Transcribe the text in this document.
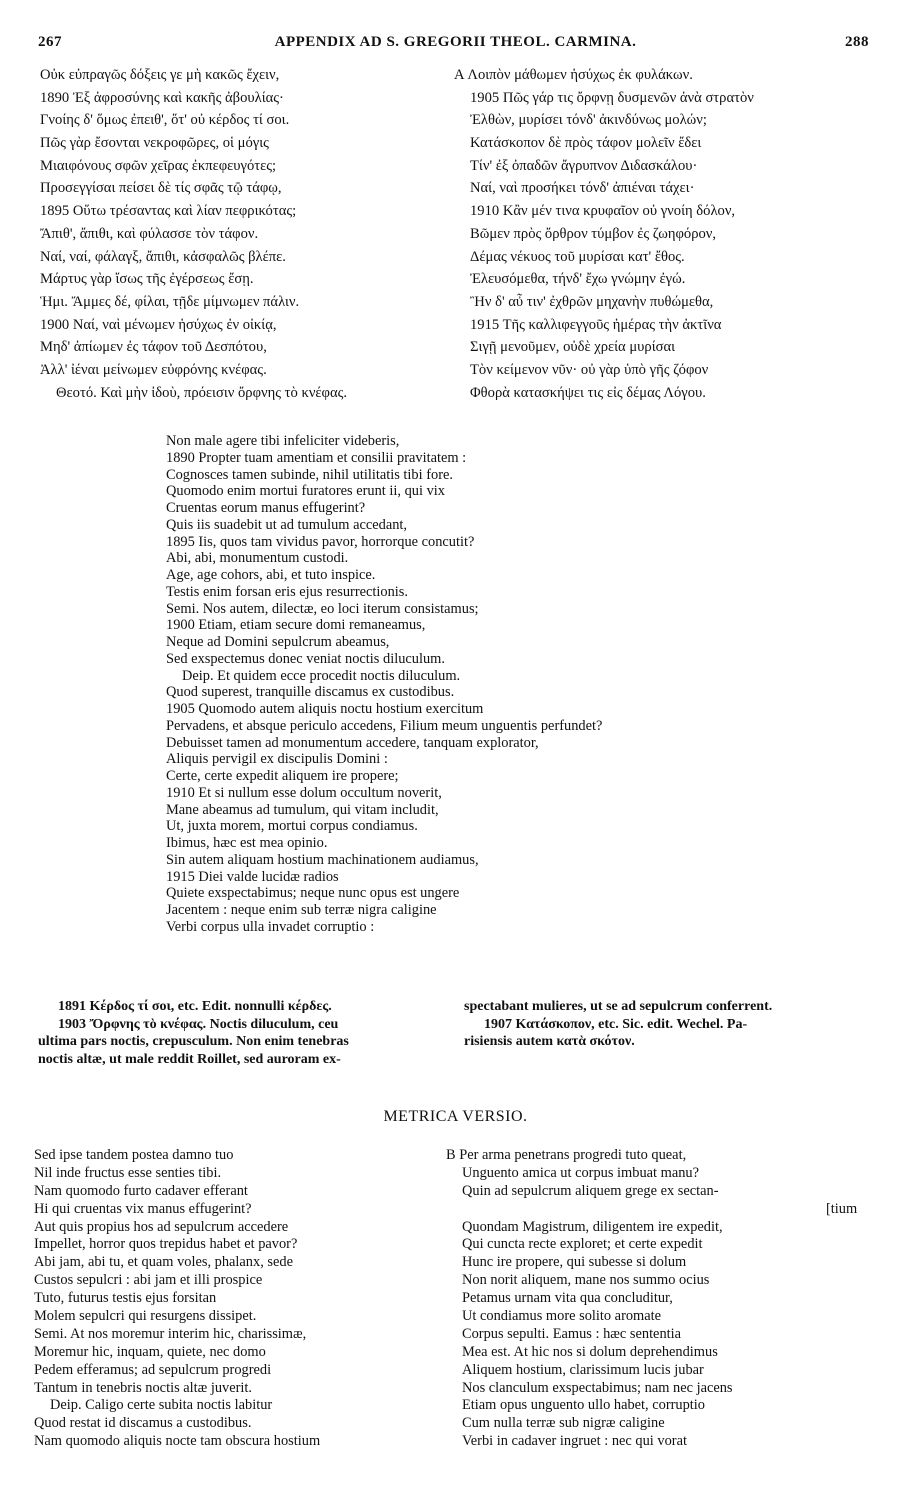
267	APPENDIX AD S. GREGORII THEOL. CARMINA.	288
Οὐκ εὐπραγῶς δόξεις γε μὴ κακῶς ἔχειν,
1890 Ἐξ ἀφροσύνης καὶ κακῆς ἀβουλίας·
Γνοίης δ' ὅμως ἐπειθ', ὅτ' οὐ κέρδος τί σοι.
Πῶς γὰρ ἔσονται νεκροφῶρες, οἱ μόγις
Μιαιφόνους σφῶν χεῖρας ἐκπεφευγότες;
Προσεγγίσαι πείσει δὲ τίς σφᾶς τῷ τάφῳ,
1895 Οὕτω τρέσαντας καὶ λίαν πεφρικότας;
Ἄπιθ', ἄπιθι, καὶ φύλασσε τὸν τάφον.
Ναί, ναί, φάλαγξ, ἄπιθι, κἀσφαλῶς βλέπε.
Μάρτυς γὰρ ἴσως τῆς ἐγέρσεως ἔσῃ.
Ἡμι. Ἄμμες δέ, φίλαι, τῇδε μίμνωμεν πάλιν.
1900 Ναί, ναὶ μένωμεν ἡσύχως ἐν οἰκίᾳ,
Μηδ' ἀπίωμεν ἐς τάφον τοῦ Δεσπότου,
Ἀλλ' ἰέναι μείνωμεν εὐφρόνης κνέφας.
Θεοτό. Καὶ μὴν ἰδοὺ, πρόεισιν ὄρφνης τὸ κνέφας.
A Λοιπὸν μάθωμεν ἡσύχως ἐκ φυλάκων.
1905 Πῶς γάρ τις ὄρφνῃ δυσμενῶν ἀνὰ στρατὸν
Ἐλθὼν, μυρίσει τόνδ' ἀκινδύνως μολών;
Κατάσκοπον δὲ πρὸς τάφον μολεῖν ἔδει
Τίν' ἐξ ὀπαδῶν ἄγρυπνον Διδασκάλου·
Ναί, ναὶ προσήκει τόνδ' ἀπιέναι τάχει·
1910 Κἂν μέν τινα κρυφαῖον οὐ γνοίη δόλον,
Βῶμεν πρὸς ὄρθρον τύμβον ἐς ζωηφόρον,
Δέμας νέκυος τοῦ μυρίσαι κατ' ἔθος.
Ἐλευσόμεθα, τήνδ' ἔχω γνώμην ἐγώ.
Ἢν δ' αὖ τιν' ἐχθρῶν μηχανὴν πυθώμεθα,
1915 Τῆς καλλιφεγγοῦς ἡμέρας τὴν ἀκτῖνα
Σιγῇ μενοῦμεν, οὐδὲ χρεία μυρίσαι
Τὸν κείμενον νῦν· οὐ γὰρ ὑπὸ γῆς ζόφον
Φθορὰ κατασκήψει τις εἰς δέμας Λόγου.
Non male agere tibi infeliciter videberis,
1890 Propter tuam amentiam et consilii pravitatem :
Cognosces tamen subinde, nihil utilitatis tibi fore.
Quomodo enim mortui furatores erunt ii, qui vix
Cruentas eorum manus effugerint?
Quis iis suadebit ut ad tumulum accedant,
1895 Iis, quos tam vividus pavor, horrorque concutit?
Abi, abi, monumentum custodi.
Age, age cohors, abi, et tuto inspice.
Testis enim forsan eris ejus resurrectionis.
Semi. Nos autem, dilectæ, eo loci iterum consistamus;
1900 Etiam, etiam secure domi remaneamus,
Neque ad Domini sepulcrum abeamus,
Sed exspectemus donec veniat noctis diluculum.
Deip. Et quidem ecce procedit noctis diluculum.
Quod superest, tranquille discamus ex custodibus.
1905 Quomodo autem aliquis noctu hostium exercitum
Pervadens, et absque periculo accedens, Filium meum unguentis perfundet?
Debuisset tamen ad monumentum accedere, tanquam explorator,
Aliquis pervigil ex discipulis Domini :
Certe, certe expedit aliquem ire propere;
1910 Et si nullum esse dolum occultum noverit,
Mane abeamus ad tumulum, qui vitam includit,
Ut, juxta morem, mortui corpus condiamus.
Ibimus, hæc est mea opinio.
Sin autem aliquam hostium machinationem audiamus,
1915 Diei valde lucidæ radios
Quiete exspectabimus; neque nunc opus est ungere
Jacentem : neque enim sub terræ nigra caligine
Verbi corpus ulla invadet corruptio :
1891 Κέρδος τί σοι, etc. Edit. nonnulli κέρδες.
1903 Ὄρφνης τὸ κνέφας. Noctis diluculum, ceu
ultima pars noctis, crepusculum. Non enim tenebras
noctis altæ, ut male reddit Roillet, sed auroram ex-
spectabant mulieres, ut se ad sepulcrum conferrent.
1907 Κατάσκοπον, etc. Sic. edit. Wechel. Pa-
risiensis autem κατὰ σκότον.
METRICA VERSIO.
Sed ipse tandem postea damno tuo
Nil inde fructus esse senties tibi.
Nam quomodo furto cadaver efferant
Hi qui cruentas vix manus effugerint?
Aut quis propius hos ad sepulcrum accedere
Impellet, horror quos trepidus habet et pavor?
Abi jam, abi tu, et quam voles, phalanx, sede
Custos sepulcri : abi jam et illi prospice
Tuto, futurus testis ejus forsitan
Molem sepulcri qui resurgens dissipet.
Semi. At nos moremur interim hic, charissimæ,
Moremur hic, inquam, quiete, nec domo
Pedem efferamus; ad sepulcrum progredi
Tantum in tenebris noctis altæ juverit.
Deip. Caligo certe subita noctis labitur
Quod restat id discamus a custodibus.
Nam quomodo aliquis nocte tam obscura hostium
B Per arma penetrans progredi tuto queat,
Unguento amica ut corpus imbuat manu?
Quin ad sepulcrum aliquem grege ex sectan-
[tium
Quondam Magistrum, diligentem ire expedit,
Qui cuncta recte exploret; et certe expedit
Hunc ire propere, qui subesse si dolum
Non norit aliquem, mane nos summo ocius
Petamus urnam vita qua concluditur,
Ut condiamus more solito aromate
Corpus sepulti. Eamus : hæc sententia
Mea est. At hic nos si dolum deprehendimus
Aliquem hostium, clarissimum lucis jubar
Nos clanculum exspectabimus; nam nec jacens
Etiam opus unguento ullo habet, corruptio
Cum nulla terræ sub nigræ caligine
Verbi in cadaver ingruet : nec qui vorat
